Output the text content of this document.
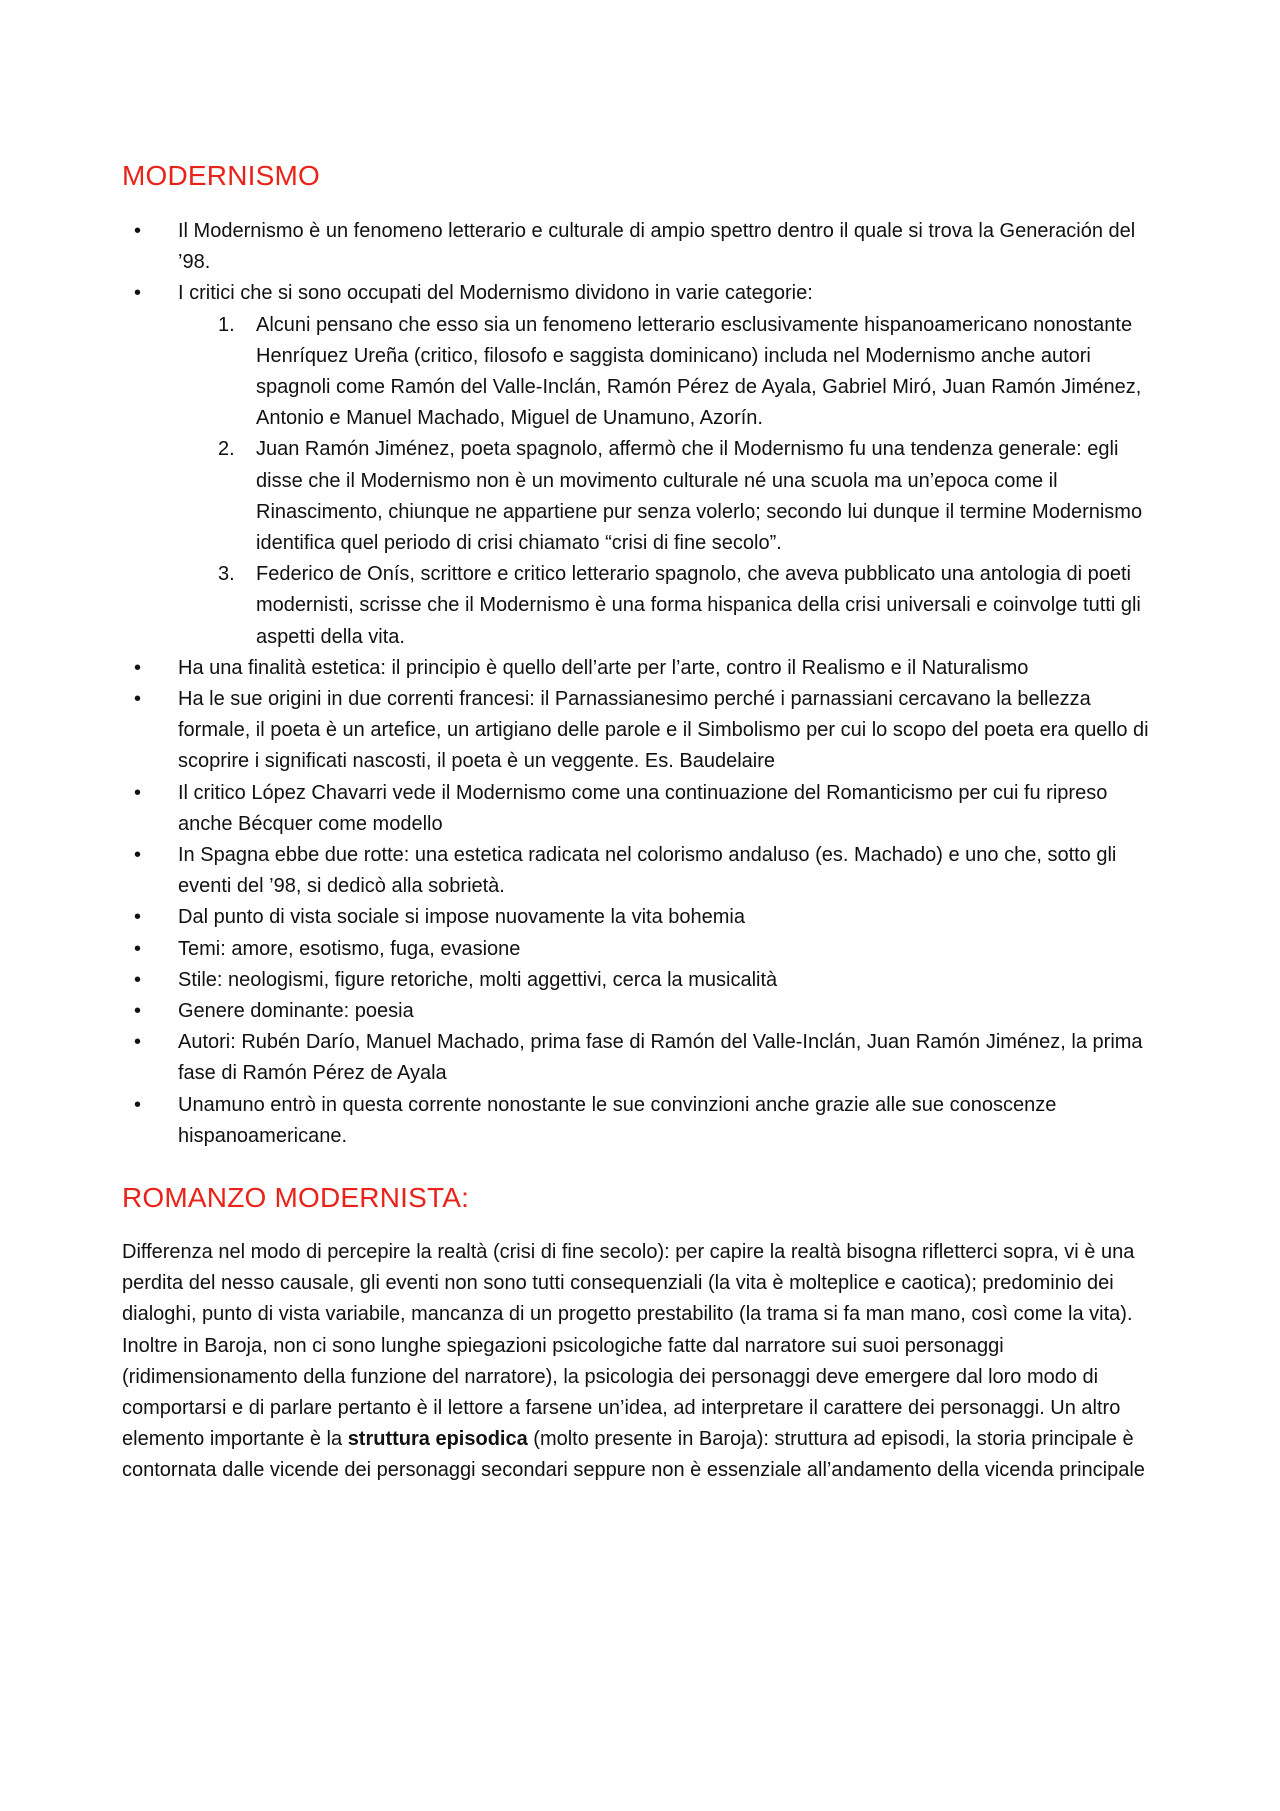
MODERNISMO
• Il Modernismo è un fenomeno letterario e culturale di ampio spettro dentro il quale si trova la Generación del ’98.
• I critici che si sono occupati del Modernismo dividono in varie categorie:
1.	Alcuni pensano che esso sia un fenomeno letterario esclusivamente hispanoamericano nonostante Henríquez Ureña (critico, filosofo e saggista dominicano) includa nel Modernismo anche autori spagnoli come Ramón del Valle-Inclán, Ramón Pérez de Ayala, Gabriel Miró, Juan Ramón Jiménez, Antonio e Manuel Machado, Miguel de Unamuno, Azorín.
2.	Juan Ramón Jiménez, poeta spagnolo, affermò che il Modernismo fu una tendenza generale: egli disse che il Modernismo non è un movimento culturale né una scuola ma un’epoca come il Rinascimento, chiunque ne appartiene pur senza volerlo; secondo lui dunque il termine Modernismo identifica quel periodo di crisi chiamato “crisi di fine secolo”.
3.	Federico de Onís, scrittore e critico letterario spagnolo, che aveva pubblicato una antologia di poeti modernisti, scrisse che il Modernismo è una forma hispanica della crisi universali e coinvolge tutti gli aspetti della vita.
• Ha una finalità estetica: il principio è quello dell’arte per l’arte, contro il Realismo e il Naturalismo
• Ha le sue origini in due correnti francesi: il Parnassianesimo perché i parnassiani cercavano la bellezza formale, il poeta è un artefice, un artigiano delle parole e il Simbolismo per cui lo scopo del poeta era quello di scoprire i significati nascosti, il poeta è un veggente. Es. Baudelaire
• Il critico López Chavarri vede il Modernismo come una continuazione del Romanticismo per cui fu ripreso anche Bécquer come modello
• In Spagna ebbe due rotte: una estetica radicata nel colorismo andaluso (es. Machado) e uno che, sotto gli eventi del ’98, si dedicò alla sobrietà.
• Dal punto di vista sociale si impose nuovamente la vita bohemia
• Temi: amore, esotismo, fuga, evasione
• Stile: neologismi, figure retoriche, molti aggettivi, cerca la musicalità
• Genere dominante: poesia
• Autori: Rubén Darío, Manuel Machado, prima fase di Ramón del Valle-Inclán, Juan Ramón Jiménez, la prima fase di Ramón Pérez de Ayala
• Unamuno entrò in questa corrente nonostante le sue convinzioni anche grazie alle sue conoscenze hispanoamericane.
ROMANZO MODERNISTA:

Differenza nel modo di percepire la realtà (crisi di fine secolo): per capire la realtà bisogna rifletterci sopra, vi è una perdita del nesso causale, gli eventi non sono tutti consequenziali (la vita è molteplice e caotica); predominio dei dialoghi, punto di vista variabile, mancanza di un progetto prestabilito (la trama si fa man mano, così come la vita). Inoltre in Baroja, non ci sono lunghe spiegazioni psicologiche fatte dal narratore sui suoi personaggi (ridimensionamento della funzione del narratore), la psicologia dei personaggi deve emergere dal loro modo di comportarsi e di parlare pertanto è il lettore a farsene un’idea, ad interpretare il carattere dei personaggi. Un altro elemento importante è la struttura episodica (molto presente in Baroja): struttura ad episodi, la storia principale è contornata dalle vicende dei personaggi secondari seppure non è essenziale all’andamento della vicenda principale
